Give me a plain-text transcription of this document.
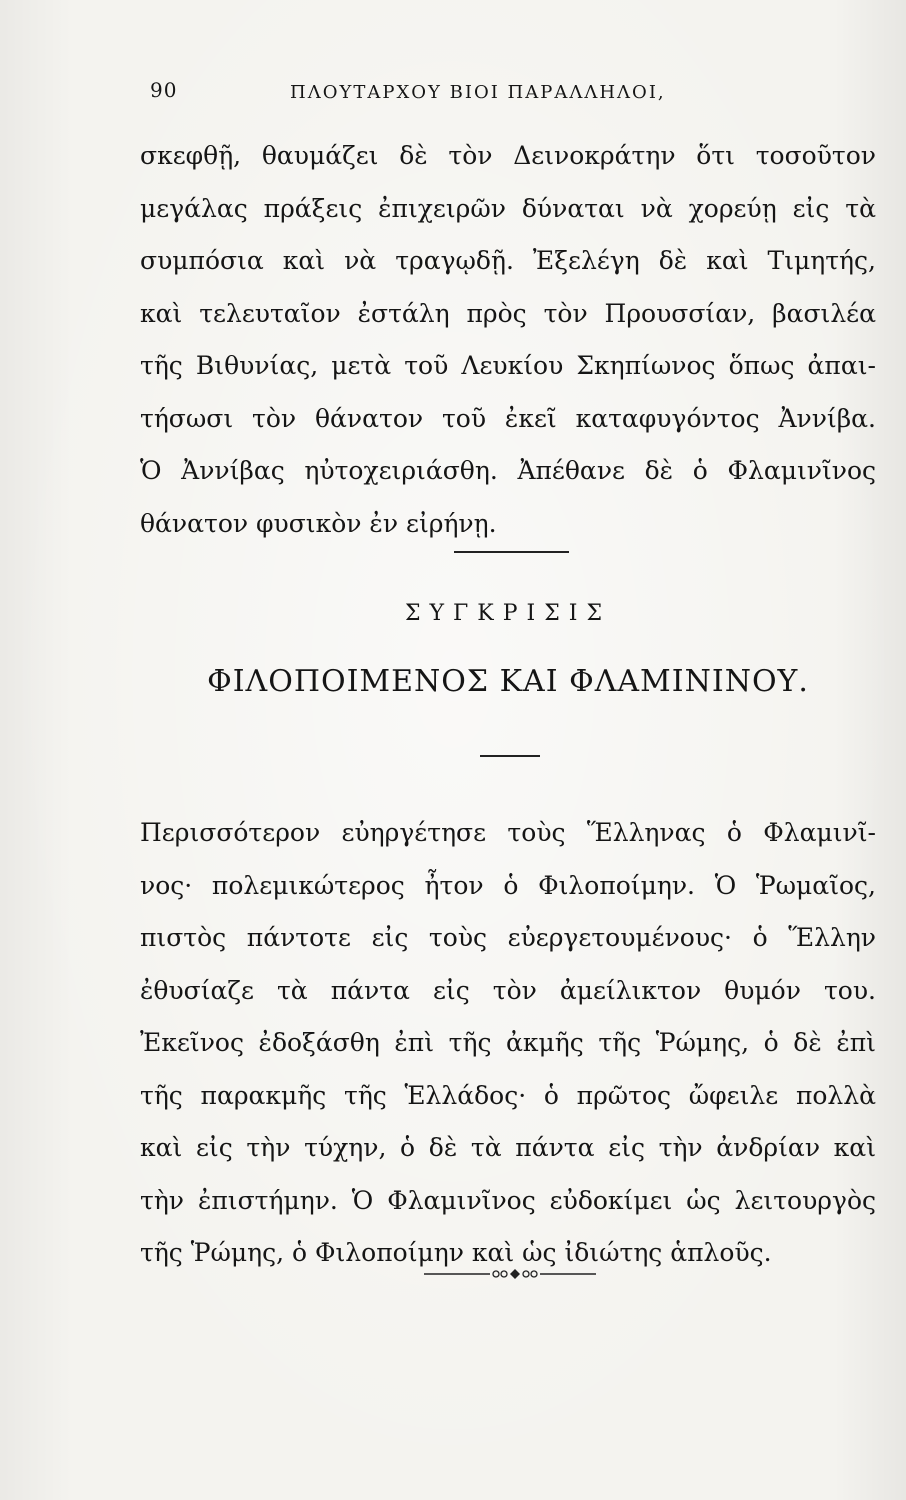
90	ΠΛΟΥΤΑΡΧΟΥ ΒΙΟΙ ΠΑΡΑΛΛΗΛΟΙ,
σκεφθῇ, θαυμάζει δὲ τὸν Δεινοκράτην ὅτι τοσοῦτον
μεγάλας πράξεις ἐπιχειρῶν δύναται νὰ χορεύῃ εἰς τὰ
συμπόσια καὶ νὰ τραγῳδῇ. Ἐξελέγη δὲ καὶ Τιμητής,
καὶ τελευταῖον ἐστάλη πρὸς τὸν Προυσσίαν, βασιλέα
τῆς Βιθυνίας, μετὰ τοῦ Λευκίου Σκηπίωνος ὅπως ἀπαι-
τήσωσι τὸν θάνατον τοῦ ἐκεῖ καταφυγόντος Ἀννίβα.
Ὁ Ἀννίβας ηὐτοχειριάσθη. Ἀπέθανε δὲ ὁ Φλαμινῖνος
θάνατον φυσικὸν ἐν εἰρήνῃ.
ΣΥΓΚΡΙΣΙΣ
ΦΙΛΟΠΟΙΜΕΝΟΣ ΚΑΙ ΦΛΑΜΙΝΙΝΟΥ.
Περισσότερον εὐηργέτησε τοὺς Ἕλληνας ὁ Φλαμινῖ-
νος· πολεμικώτερος ἦτον ὁ Φιλοποίμην. Ὁ Ῥωμαῖος,
πιστὸς πάντοτε εἰς τοὺς εὐεργετουμένους· ὁ Ἕλλην
ἐθυσίαζε τὰ πάντα εἰς τὸν ἀμείλικτον θυμόν του.
Ἐκεῖνος ἐδοξάσθη ἐπὶ τῆς ἀκμῆς τῆς Ῥώμης, ὁ δὲ ἐπὶ
τῆς παρακμῆς τῆς Ἑλλάδος· ὁ πρῶτος ὤφειλε πολλὰ
καὶ εἰς τὴν τύχην, ὁ δὲ τὰ πάντα εἰς τὴν ἀνδρίαν καὶ
τὴν ἐπιστήμην. Ὁ Φλαμινῖνος εὐδοκίμει ὡς λειτουργὸς
τῆς Ῥώμης, ὁ Φιλοποίμην καὶ ὡς ἰδιώτης ἁπλοῦς.
